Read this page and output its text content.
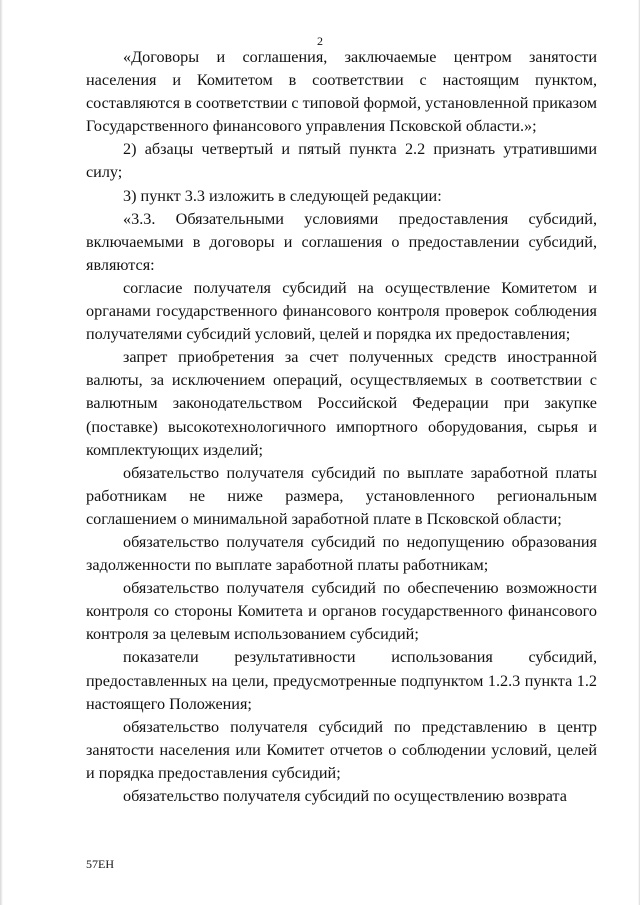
2

«Договоры и соглашения, заключаемые центром занятости населения и Комитетом в соответствии с настоящим пунктом, составляются в соответствии с типовой формой, установленной приказом Государственного финансового управления Псковской области.»;

2) абзацы четвертый и пятый пункта 2.2 признать утратившими силу;

3) пункт 3.3 изложить в следующей редакции:

«3.3. Обязательными условиями предоставления субсидий, включаемыми в договоры и соглашения о предоставлении субсидий, являются:

согласие получателя субсидий на осуществление Комитетом и органами государственного финансового контроля проверок соблюдения получателями субсидий условий, целей и порядка их предоставления;

запрет приобретения за счет полученных средств иностранной валюты, за исключением операций, осуществляемых в соответствии с валютным законодательством Российской Федерации при закупке (поставке) высокотехнологичного импортного оборудования, сырья и комплектующих изделий;

обязательство получателя субсидий по выплате заработной платы работникам не ниже размера, установленного региональным соглашением о минимальной заработной плате в Псковской области;

обязательство получателя субсидий по недопущению образования задолженности по выплате заработной платы работникам;

обязательство получателя субсидий по обеспечению возможности контроля со стороны Комитета и органов государственного финансового контроля за целевым использованием субсидий;

показатели результативности использования субсидий, предоставленных на цели, предусмотренные подпунктом 1.2.3 пункта 1.2 настоящего Положения;

обязательство получателя субсидий по представлению в центр занятости населения или Комитет отчетов о соблюдении условий, целей и порядка предоставления субсидий;

обязательство получателя субсидий по осуществлению возврата

57ЕН
